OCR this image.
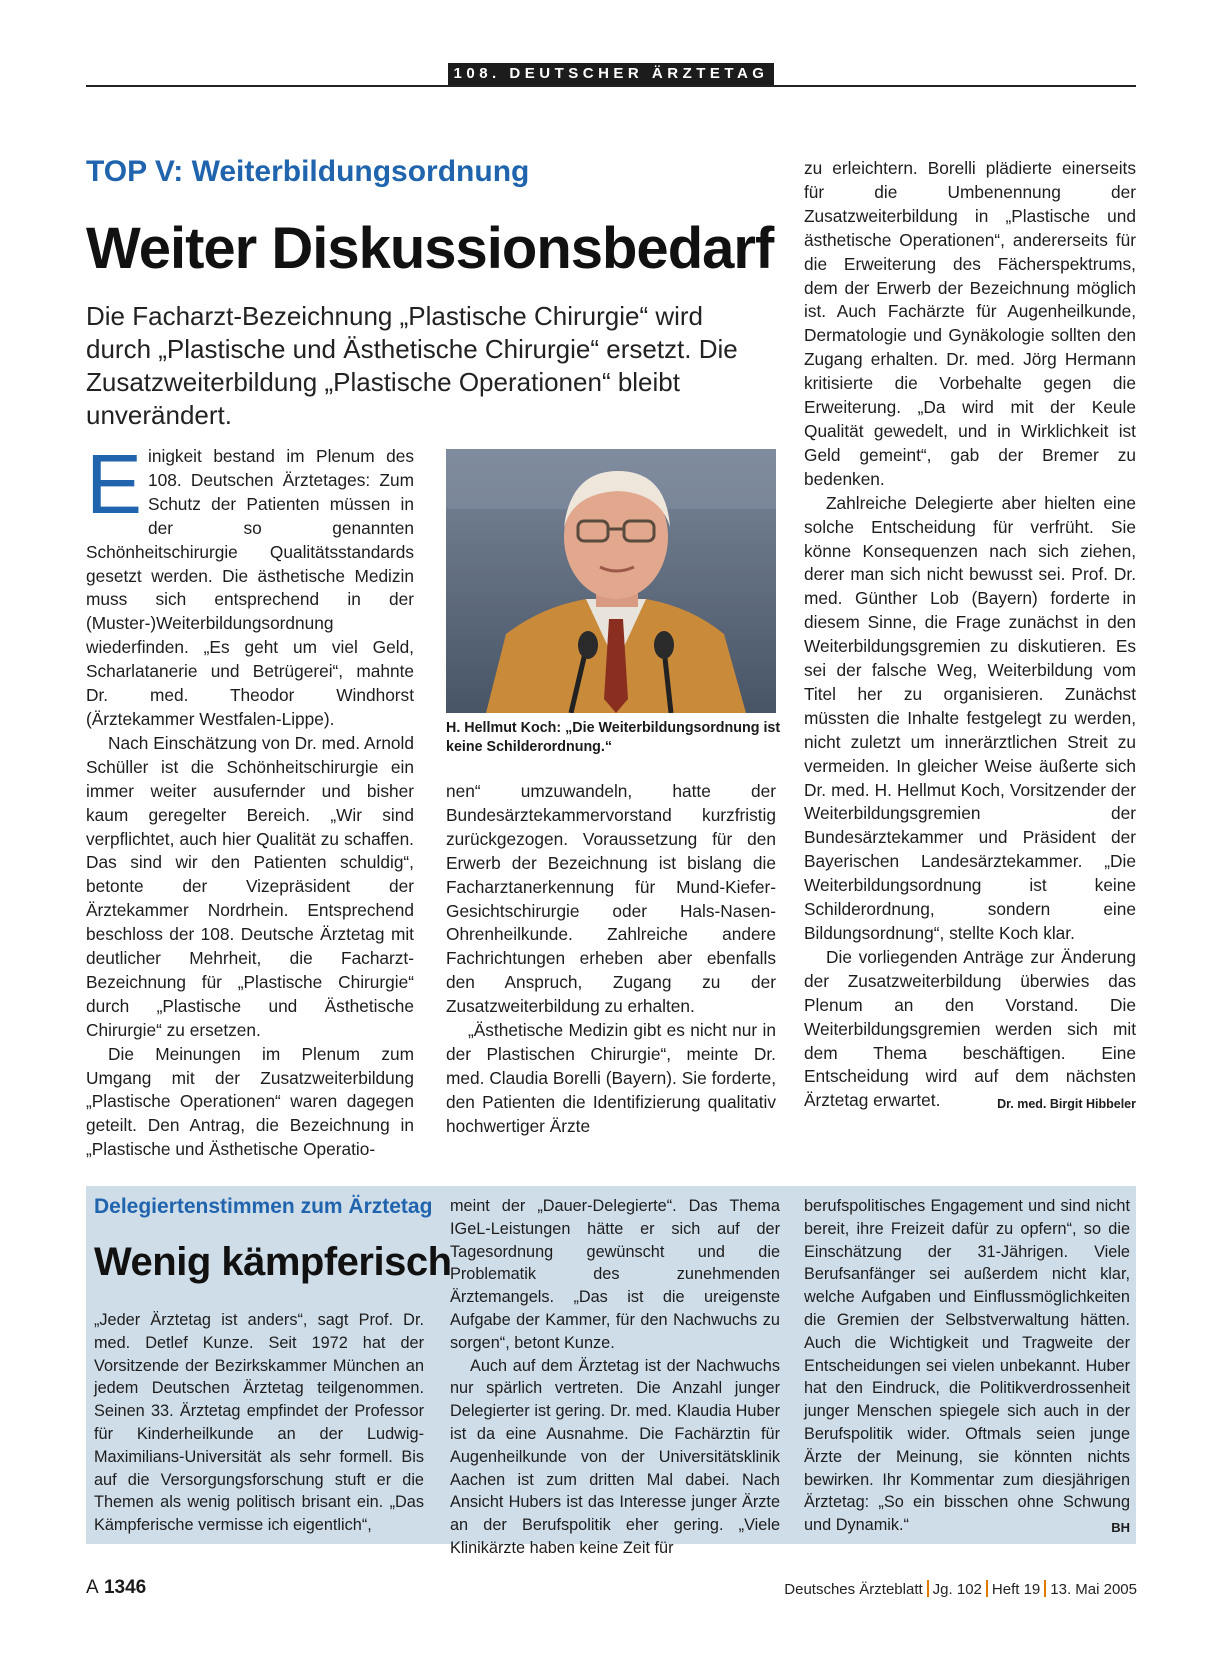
108. DEUTSCHER ÄRZTETAG
TOP V: Weiterbildungsordnung
Weiter Diskussionsbedarf
Die Facharzt-Bezeichnung „Plastische Chirurgie“ wird durch „Plastische und Ästhetische Chirurgie“ ersetzt. Die Zusatzweiterbildung „Plastische Operationen“ bleibt unverändert.

Einigkeit bestand im Plenum des 108. Deutschen Ärztetages: Zum Schutz der Patienten müssen in der so genannten Schönheitschirurgie Qualitätsstandards gesetzt werden. Die ästhetische Medizin muss sich entsprechend in der (Muster-)Weiterbildungsordnung wiederfinden. „Es geht um viel Geld, Scharlatanerie und Betrügerei“, mahnte Dr. med. Theodor Windhorst (Ärztekammer Westfalen-Lippe).

Nach Einschätzung von Dr. med. Arnold Schüller ist die Schönheitschirurgie ein immer weiter ausufernder und bisher kaum geregelter Bereich. „Wir sind verpflichtet, auch hier Qualität zu schaffen. Das sind wir den Patienten schuldig“, betonte der Vizepräsident der Ärztekammer Nordrhein. Entsprechend beschloss der 108. Deutsche Ärztetag mit deutlicher Mehrheit, die Facharzt-Bezeichnung für „Plastische Chirurgie“ durch „Plastische und Ästhetische Chirurgie“ zu ersetzen.

Die Meinungen im Plenum zum Umgang mit der Zusatzweiterbildung „Plastische Operationen“ waren dagegen geteilt. Den Antrag, die Bezeichnung in „Plastische und Ästhetische Operatio-

H. Hellmut Koch: „Die Weiterbildungsordnung ist keine Schilderordnung.“

nen“ umzuwandeln, hatte der Bundesärztekammervorstand kurzfristig zurückgezogen. Voraussetzung für den Erwerb der Bezeichnung ist bislang die Facharztanerkennung für Mund-Kiefer-Gesichtschirurgie oder Hals-Nasen-Ohrenheilkunde. Zahlreiche andere Fachrichtungen erheben aber ebenfalls den Anspruch, Zugang zu der Zusatzweiterbildung zu erhalten.

„Ästhetische Medizin gibt es nicht nur in der Plastischen Chirurgie“, meinte Dr. med. Claudia Borelli (Bayern). Sie forderte, den Patienten die Identifizierung qualitativ hochwertiger Ärzte

zu erleichtern. Borelli plädierte einerseits für die Umbenennung der Zusatzweiterbildung in „Plastische und ästhetische Operationen“, andererseits für die Erweiterung des Fächerspektrums, dem der Erwerb der Bezeichnung möglich ist. Auch Fachärzte für Augenheilkunde, Dermatologie und Gynäkologie sollten den Zugang erhalten. Dr. med. Jörg Hermann kritisierte die Vorbehalte gegen die Erweiterung. „Da wird mit der Keule Qualität gewedelt, und in Wirklichkeit ist Geld gemeint“, gab der Bremer zu bedenken.

Zahlreiche Delegierte aber hielten eine solche Entscheidung für verfrüht. Sie könne Konsequenzen nach sich ziehen, derer man sich nicht bewusst sei. Prof. Dr. med. Günther Lob (Bayern) forderte in diesem Sinne, die Frage zunächst in den Weiterbildungsgremien zu diskutieren. Es sei der falsche Weg, Weiterbildung vom Titel her zu organisieren. Zunächst müssten die Inhalte festgelegt zu werden, nicht zuletzt um innerärztlichen Streit zu vermeiden. In gleicher Weise äußerte sich Dr. med. H. Hellmut Koch, Vorsitzender der Weiterbildungsgremien der Bundesärztekammer und Präsident der Bayerischen Landesärztekammer. „Die Weiterbildungsordnung ist keine Schilderordnung, sondern eine Bildungsordnung“, stellte Koch klar.

Die vorliegenden Anträge zur Änderung der Zusatzweiterbildung überwies das Plenum an den Vorstand. Die Weiterbildungsgremien werden sich mit dem Thema beschäftigen. Eine Entscheidung wird auf dem nächsten Ärztetag erwartet.	Dr. med. Birgit Hibbeler

Delegiertenstimmen zum Ärztetag
Wenig kämpferisch

„Jeder Ärztetag ist anders“, sagt Prof. Dr. med. Detlef Kunze. Seit 1972 hat der Vorsitzende der Bezirkskammer München an jedem Deutschen Ärztetag teilgenommen. Seinen 33. Ärztetag empfindet der Professor für Kinderheilkunde an der Ludwig-Maximilians-Universität als sehr formell. Bis auf die Versorgungsforschung stuft er die Themen als wenig politisch brisant ein. „Das Kämpferische vermisse ich eigentlich“,

meint der „Dauer-Delegierte“. Das Thema IGeL-Leistungen hätte er sich auf der Tagesordnung gewünscht und die Problematik des zunehmenden Ärztemangels. „Das ist die ureigenste Aufgabe der Kammer, für den Nachwuchs zu sorgen“, betont Kunze.

Auch auf dem Ärztetag ist der Nachwuchs nur spärlich vertreten. Die Anzahl junger Delegierter ist gering. Dr. med. Klaudia Huber ist da eine Ausnahme. Die Fachärztin für Augenheilkunde von der Universitätsklinik Aachen ist zum dritten Mal dabei. Nach Ansicht Hubers ist das Interesse junger Ärzte an der Berufspolitik eher gering. „Viele Klinikärzte haben keine Zeit für

berufspolitisches Engagement und sind nicht bereit, ihre Freizeit dafür zu opfern“, so die Einschätzung der 31-Jährigen. Viele Berufsanfänger sei außerdem nicht klar, welche Aufgaben und Einflussmöglichkeiten die Gremien der Selbstverwaltung hätten. Auch die Wichtigkeit und Tragweite der Entscheidungen sei vielen unbekannt. Huber hat den Eindruck, die Politikverdrossenheit junger Menschen spiegele sich auch in der Berufspolitik wider. Oftmals seien junge Ärzte der Meinung, sie könnten nichts bewirken. Ihr Kommentar zum diesjährigen Ärztetag: „So ein bisschen ohne Schwung und Dynamik.“	BH

A 1346	Deutsches Ärzteblatt Jg. 102 Heft 19 13. Mai 2005
